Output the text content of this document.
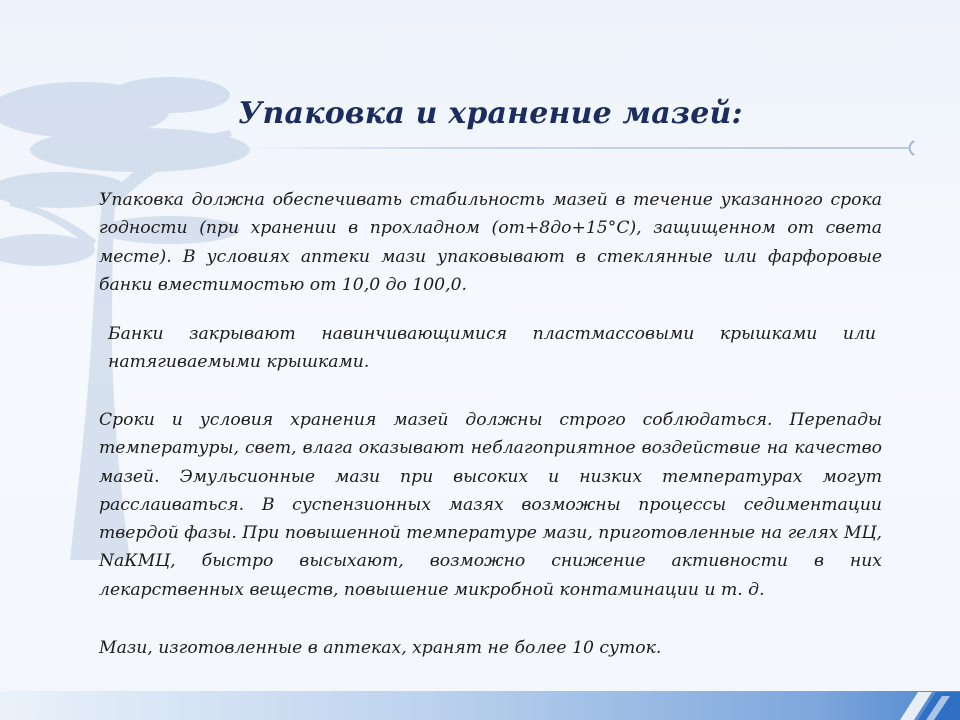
Упаковка и хранение мазей:

Упаковка должна обеспечивать стабильность мазей в течение указанного срока годности (при хранении в прохладном (от+8до+15°С), защищенном от света месте). В условиях аптеки мази упаковывают в стеклянные или фарфоровые банки вместимостью от 10,0 до 100,0.

Банки закрывают навинчивающимися пластмассовыми крышками или натягиваемыми крышками.

Сроки и условия хранения мазей должны строго соблюдаться. Перепады температуры, свет, влага оказывают неблагоприятное воздействие на качество мазей. Эмульсионные мази при высоких и низких температурах могут расслаиваться. В суспензионных мазях возможны процессы седиментации твердой фазы. При повышенной температуре мази, приготовленные на гелях МЦ, NaКМЦ, быстро высыхают, возможно снижение активности в них лекарственных веществ, повышение микробной контаминации и т. д.

Мази, изготовленные в аптеках, хранят не более 10 суток.
